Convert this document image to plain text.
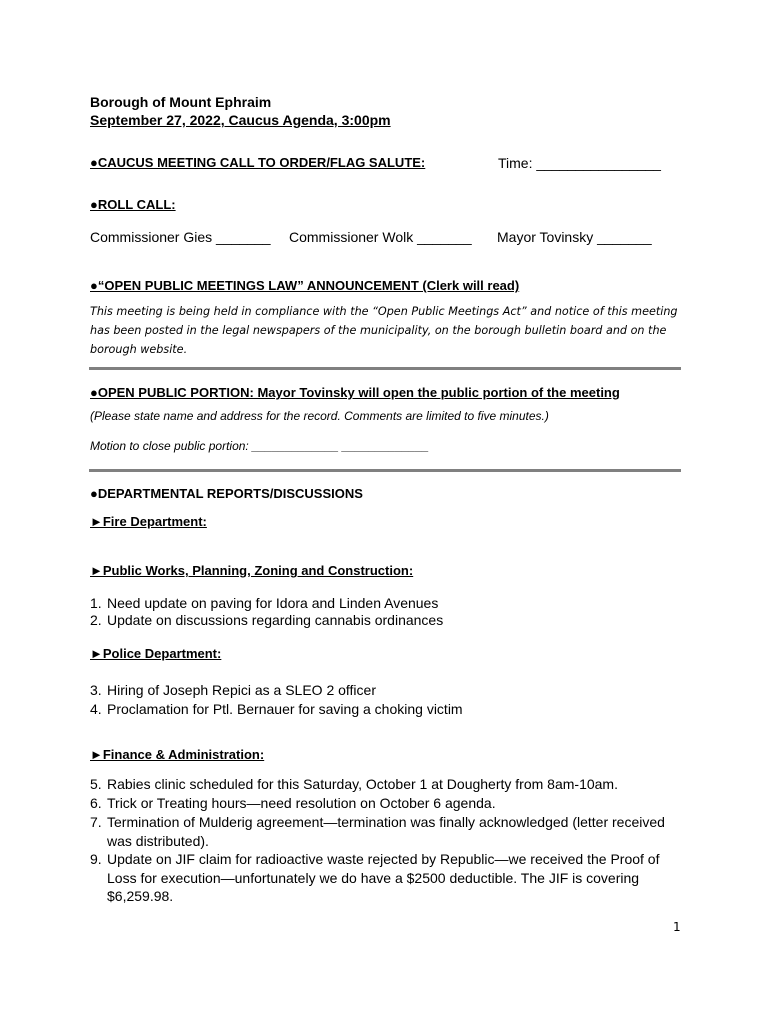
Borough of Mount Ephraim
September 27, 2022, Caucus Agenda, 3:00pm
●CAUCUS MEETING CALL TO ORDER/FLAG SALUTE:	Time: ________________
●ROLL CALL:
Commissioner Gies _______ Commissioner Wolk _______ Mayor Tovinsky _______
●“OPEN PUBLIC MEETINGS LAW” ANNOUNCEMENT (Clerk will read)
This meeting is being held in compliance with the “Open Public Meetings Act” and notice of this meeting
has been posted in the legal newspapers of the municipality, on the borough bulletin board and on the
borough website.
●OPEN PUBLIC PORTION: Mayor Tovinsky will open the public portion of the meeting
(Please state name and address for the record. Comments are limited to five minutes.)
Motion to close public portion: _____________ _____________
●DEPARTMENTAL REPORTS/DISCUSSIONS
►Fire Department:
►Public Works, Planning, Zoning and Construction:
1. Need update on paving for Idora and Linden Avenues
2. Update on discussions regarding cannabis ordinances
►Police Department:
3. Hiring of Joseph Repici as a SLEO 2 officer
4. Proclamation for Ptl. Bernauer for saving a choking victim
►Finance & Administration:
5. Rabies clinic scheduled for this Saturday, October 1 at Dougherty from 8am-10am.
6. Trick or Treating hours—need resolution on October 6 agenda.
7. Termination of Mulderig agreement—termination was finally acknowledged (letter received
was distributed).
9. Update on JIF claim for radioactive waste rejected by Republic—we received the Proof of
Loss for execution—unfortunately we do have a $2500 deductible. The JIF is covering
$6,259.98.
1
